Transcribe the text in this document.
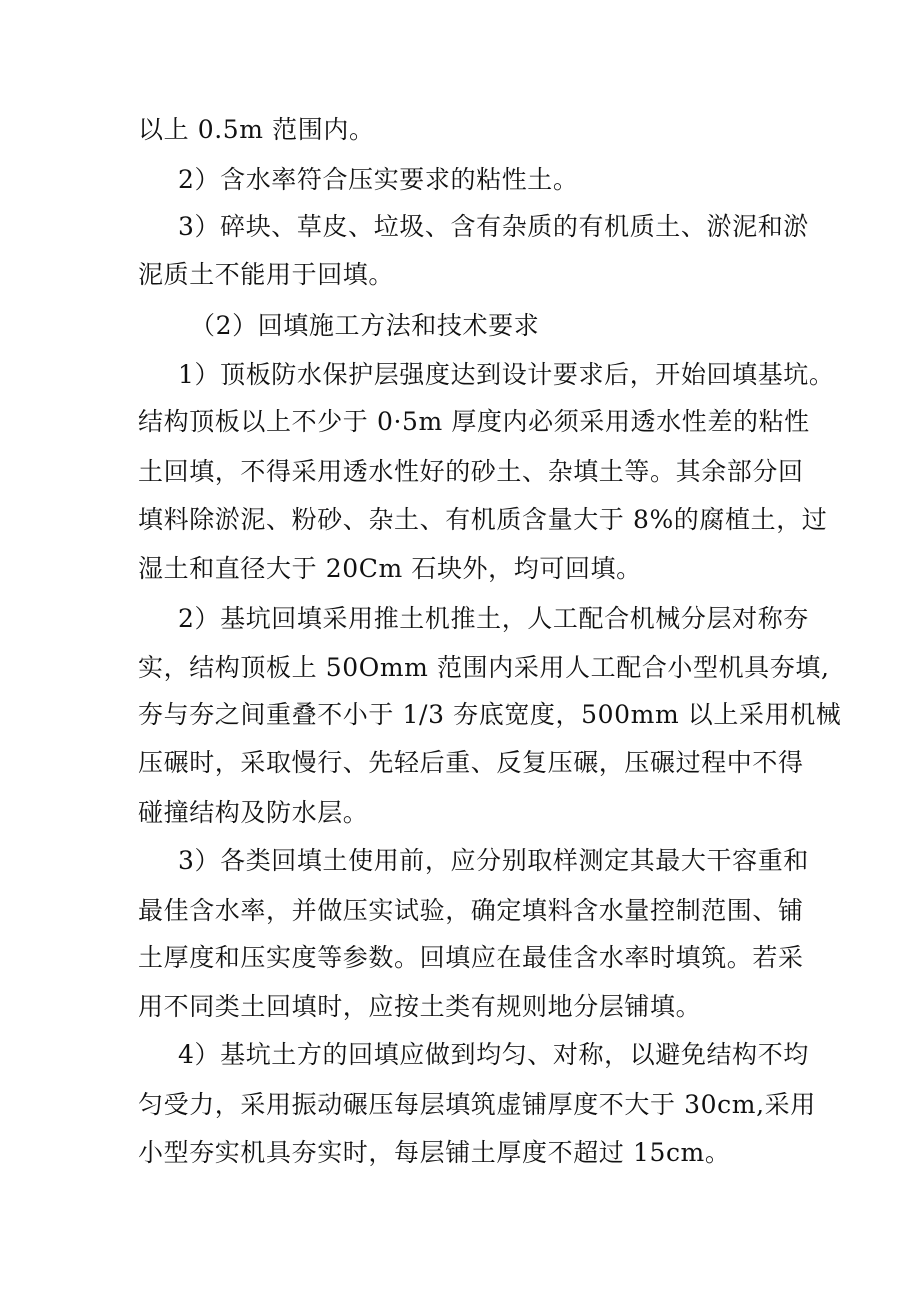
以上 0.5m 范围内。
2）含水率符合压实要求的粘性土。
3）碎块、草皮、垃圾、含有杂质的有机质土、淤泥和淤
泥质土不能用于回填。
（2）回填施工方法和技术要求
1）顶板防水保护层强度达到设计要求后，开始回填基坑。
结构顶板以上不少于 0·5m 厚度内必须采用透水性差的粘性
土回填，不得采用透水性好的砂土、杂填土等。其余部分回
填料除淤泥、粉砂、杂土、有机质含量大于 8%的腐植土，过
湿土和直径大于 20Cm 石块外，均可回填。
2）基坑回填采用推土机推土，人工配合机械分层对称夯
实，结构顶板上 50Omm 范围内采用人工配合小型机具夯填,
夯与夯之间重叠不小于 1/3 夯底宽度，500mm 以上采用机械
压碾时，采取慢行、先轻后重、反复压碾，压碾过程中不得
碰撞结构及防水层。
3）各类回填土使用前，应分别取样测定其最大干容重和
最佳含水率，并做压实试验，确定填料含水量控制范围、铺
土厚度和压实度等参数。回填应在最佳含水率时填筑。若采
用不同类土回填时，应按土类有规则地分层铺填。
4）基坑土方的回填应做到均匀、对称，以避免结构不均
匀受力，采用振动碾压每层填筑虚铺厚度不大于 30cm,采用
小型夯实机具夯实时，每层铺土厚度不超过 15cm。
